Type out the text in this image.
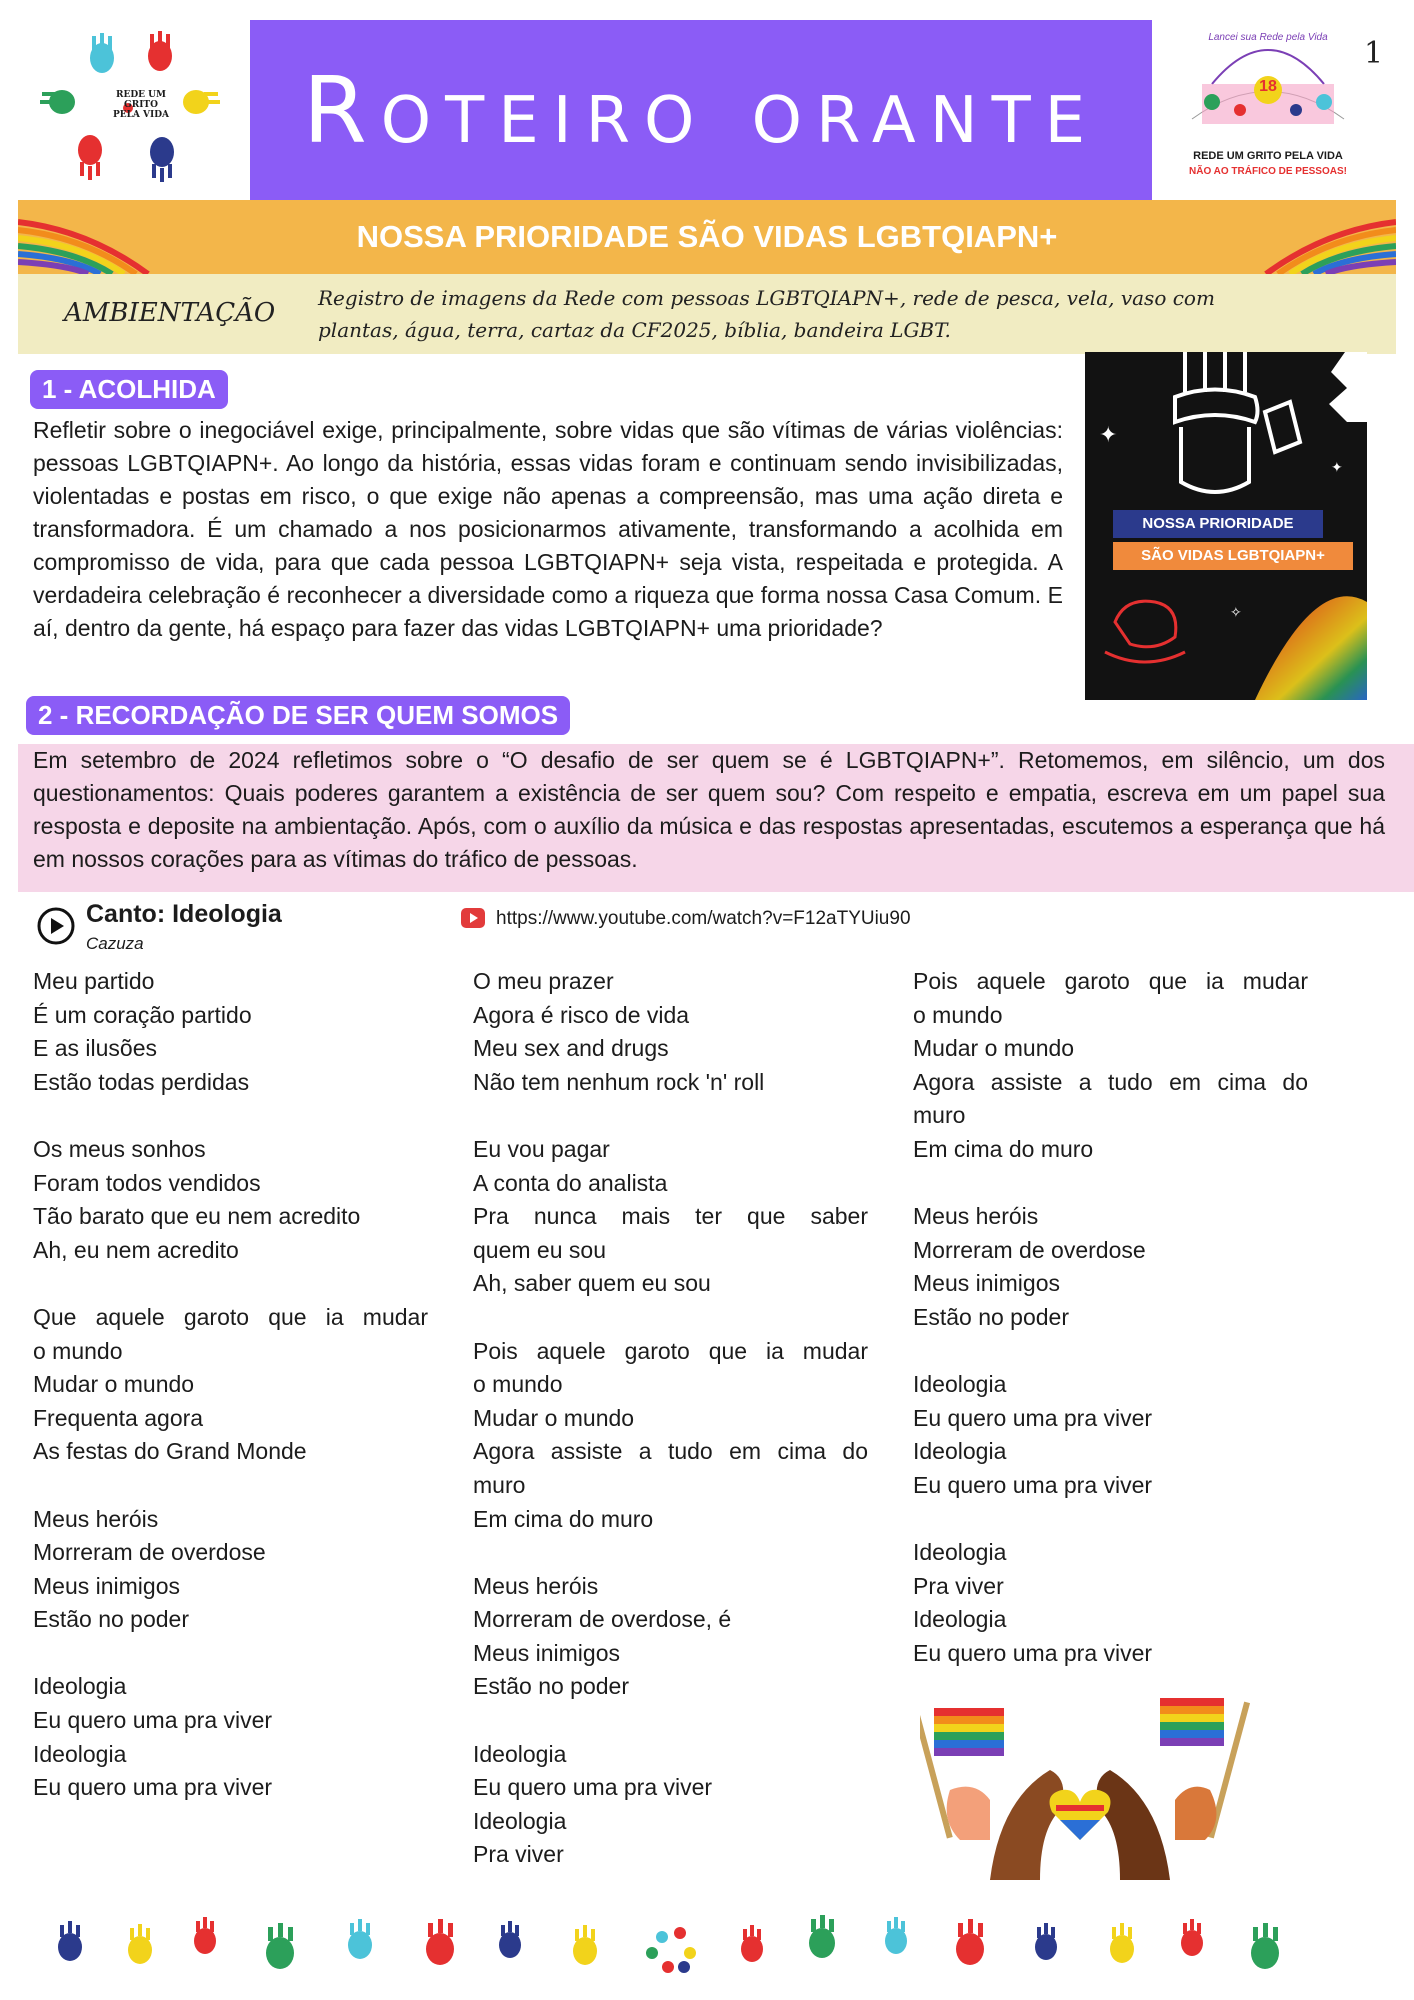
REDE UM GRITO PELA VIDA	Roteiro orante
Lancei sua Rede pela Vida
18
REDE UM GRITO PELA VIDA
NÃO AO TRÁFICO DE PESSOAS!
1
NOSSA PRIORIDADE SÃO VIDAS LGBTQIAPN+
AMBIENTAÇÃO Registro de imagens da Rede com pessoas LGBTQIAPN+, rede de pesca, vela, vaso com plantas, água, terra, cartaz da CF2025, bíblia, bandeira LGBT.
1 - ACOLHIDA
Refletir sobre o inegociável exige, principalmente, sobre vidas que são vítimas de várias violências: pessoas LGBTQIAPN+. Ao longo da história, essas vidas foram e continuam sendo invisibilizadas, violentadas e postas em risco, o que exige não apenas a compreensão, mas uma ação direta e transformadora. É um chamado a nos posicionarmos ativamente, transformando a acolhida em compromisso de vida, para que cada pessoa LGBTQIAPN+ seja vista, respeitada e protegida. A verdadeira celebração é reconhecer a diversidade como a riqueza que forma nossa Casa Comum. E aí, dentro da gente, há espaço para fazer das vidas LGBTQIAPN+ uma prioridade?
✦
✦
✧
NOSSA PRIORIDADE
SÃO VIDAS LGBTQIAPN+
2 - RECORDAÇÃO DE SER QUEM SOMOS
Em setembro de 2024 refletimos sobre o “O desafio de ser quem se é LGBTQIAPN+”. Retomemos, em silêncio, um dos questionamentos: Quais poderes garantem a existência de ser quem sou? Com respeito e empatia, escreva em um papel sua resposta e deposite na ambientação. Após, com o auxílio da música e das respostas apresentadas, escutemos a esperança que há em nossos corações para as vítimas do tráfico de pessoas.
Canto: Ideologia
Cazuza
https://www.youtube.com/watch?v=F12aTYUiu90
Meu partido
É um coração partido
E as ilusões
Estão todas perdidas
Os meus sonhos
Foram todos vendidos
Tão barato que eu nem acredito
Ah, eu nem acredito
Que aquele garoto que ia mudar
o mundo
Mudar o mundo
Frequenta agora
As festas do Grand Monde
Meus heróis
Morreram de overdose
Meus inimigos
Estão no poder
Ideologia
Eu quero uma pra viver
Ideologia
Eu quero uma pra viver
O meu prazer
Agora é risco de vida
Meu sex and drugs
Não tem nenhum rock 'n' roll
Eu vou pagar
A conta do analista
Pra nunca mais ter que saber
quem eu sou
Ah, saber quem eu sou
Pois aquele garoto que ia mudar
o mundo
Mudar o mundo
Agora assiste a tudo em cima do
muro
Em cima do muro
Meus heróis
Morreram de overdose, é
Meus inimigos
Estão no poder
Ideologia
Eu quero uma pra viver
Ideologia
Pra viver
Pois aquele garoto que ia mudar
o mundo
Mudar o mundo
Agora assiste a tudo em cima do
muro
Em cima do muro
Meus heróis
Morreram de overdose
Meus inimigos
Estão no poder
Ideologia
Eu quero uma pra viver
Ideologia
Eu quero uma pra viver
Ideologia
Pra viver
Ideologia
Eu quero uma pra viver
